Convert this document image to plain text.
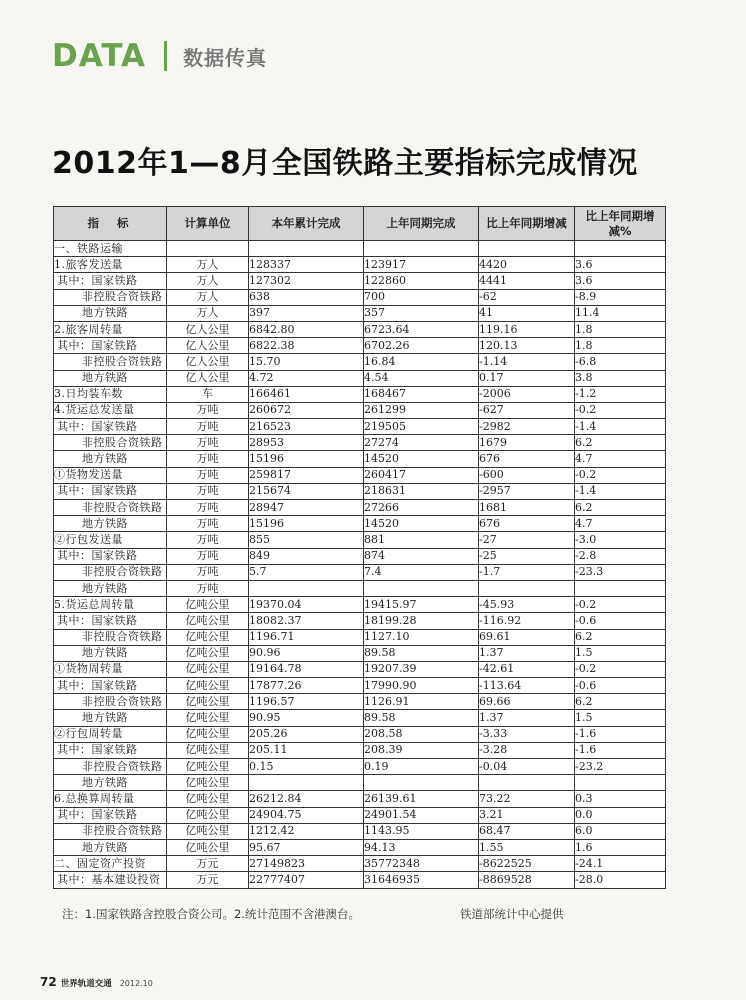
DATA 数据传真
2012年1—8月全国铁路主要指标完成情况
指标	计算单位	本年累计完成	上年同期完成	比上年同期增减	比上年同期增减%
一、铁路运输					
1.旅客发送量	万人	128337	123917	4420	3.6
其中：国家铁路	万人	127302	122860	4441	3.6
非控股合资铁路	万人	638	700	-62	-8.9
地方铁路	万人	397	357	41	11.4
2.旅客周转量	亿人公里	6842.80	6723.64	119.16	1.8
其中：国家铁路	亿人公里	6822.38	6702.26	120.13	1.8
非控股合资铁路	亿人公里	15.70	16.84	-1.14	-6.8
地方铁路	亿人公里	4.72	4.54	0.17	3.8
3.日均装车数	车	166461	168467	-2006	-1.2
4.货运总发送量	万吨	260672	261299	-627	-0.2
其中：国家铁路	万吨	216523	219505	-2982	-1.4
非控股合资铁路	万吨	28953	27274	1679	6.2
地方铁路	万吨	15196	14520	676	4.7
①货物发送量	万吨	259817	260417	-600	-0.2
其中：国家铁路	万吨	215674	218631	-2957	-1.4
非控股合资铁路	万吨	28947	27266	1681	6.2
地方铁路	万吨	15196	14520	676	4.7
②行包发送量	万吨	855	881	-27	-3.0
其中：国家铁路	万吨	849	874	-25	-2.8
非控股合资铁路	万吨	5.7	7.4	-1.7	-23.3
地方铁路	万吨				
5.货运总周转量	亿吨公里	19370.04	19415.97	-45.93	-0.2
其中：国家铁路	亿吨公里	18082.37	18199.28	-116.92	-0.6
非控股合资铁路	亿吨公里	1196.71	1127.10	69.61	6.2
地方铁路	亿吨公里	90.96	89.58	1.37	1.5
①货物周转量	亿吨公里	19164.78	19207.39	-42.61	-0.2
其中：国家铁路	亿吨公里	17877.26	17990.90	-113.64	-0.6
非控股合资铁路	亿吨公里	1196.57	1126.91	69.66	6.2
地方铁路	亿吨公里	90.95	89.58	1.37	1.5
②行包周转量	亿吨公里	205.26	208.58	-3.33	-1.6
其中：国家铁路	亿吨公里	205.11	208.39	-3.28	-1.6
非控股合资铁路	亿吨公里	0.15	0.19	-0.04	-23.2
地方铁路	亿吨公里				
6.总换算周转量	亿吨公里	26212.84	26139.61	73.22	0.3
其中：国家铁路	亿吨公里	24904.75	24901.54	3.21	0.0
非控股合资铁路	亿吨公里	1212.42	1143.95	68.47	6.0
地方铁路	亿吨公里	95.67	94.13	1.55	1.6
二、固定资产投资	万元	27149823	35772348	-8622525	-24.1
其中：基本建设投资	万元	22777407	31646935	-8869528	-28.0
注：1.国家铁路含控股合资公司。2.统计范围不含港澳台。	铁道部统计中心提供
72 世界轨道交通 2012.10
